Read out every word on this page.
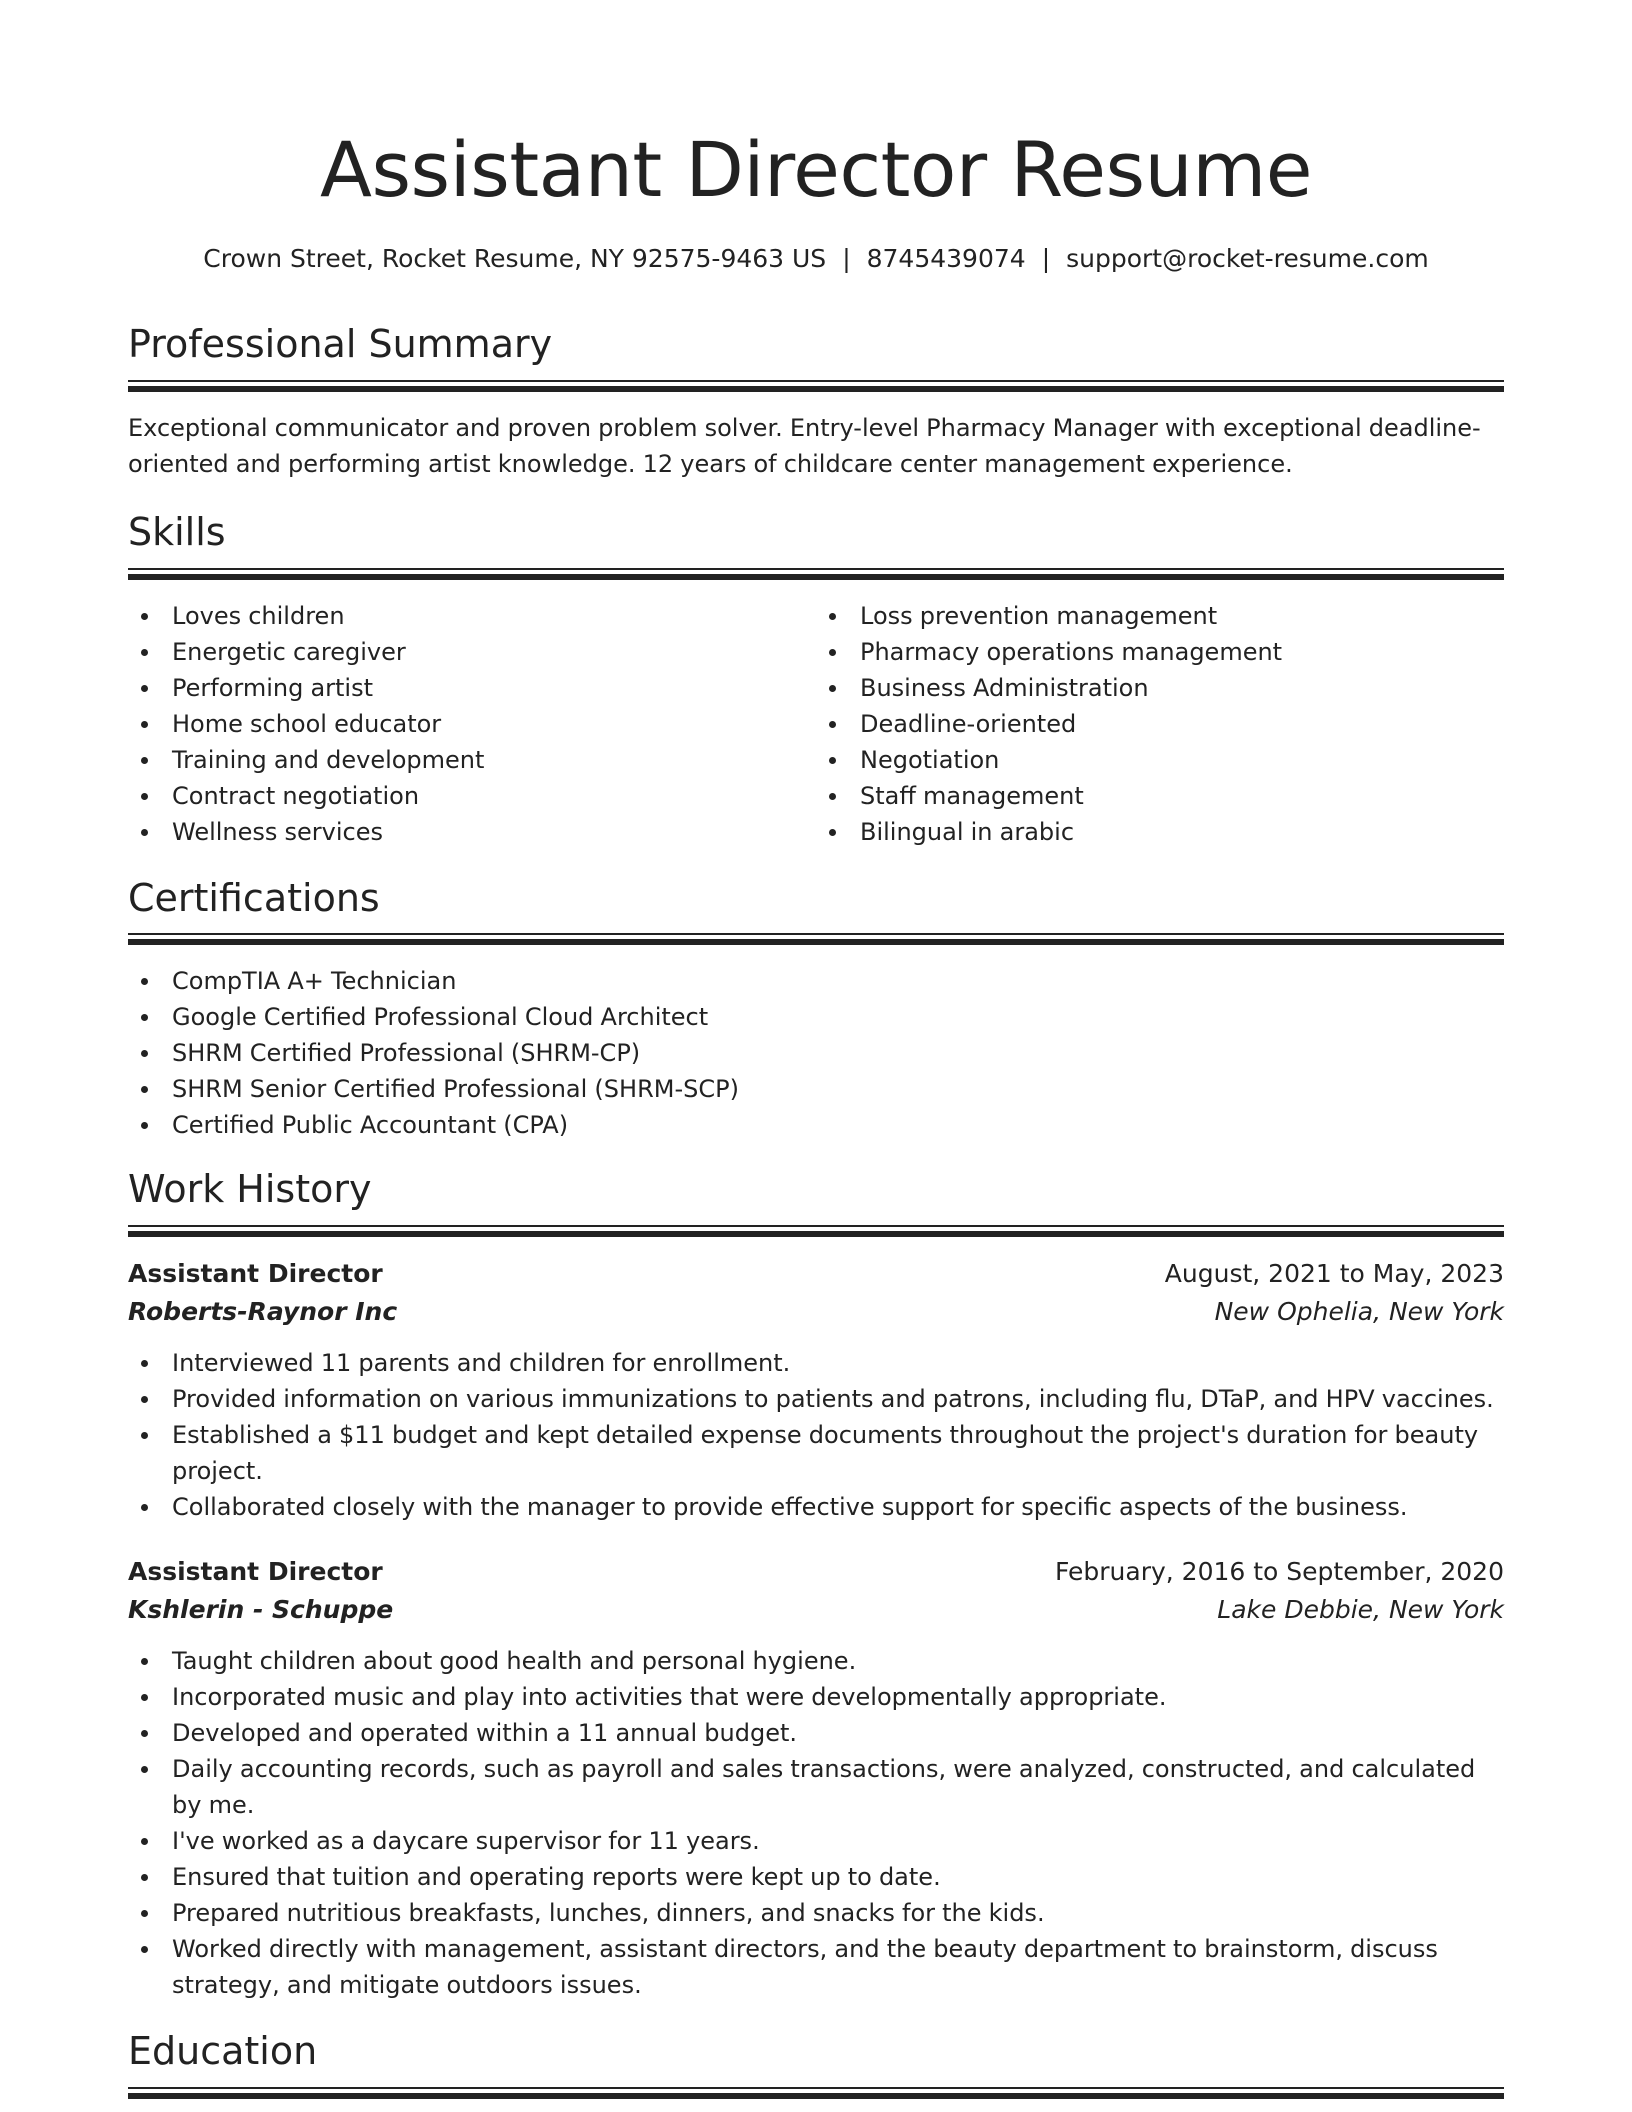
Assistant Director Resume
Crown Street, Rocket Resume, NY 92575-9463 US | 8745439074 | support@rocket-resume.com
Professional Summary

Exceptional communicator and proven problem solver. Entry-level Pharmacy Manager with exceptional deadline-oriented and performing artist knowledge. 12 years of childcare center management experience.

Skills
Loves children
Energetic caregiver
Performing artist
Home school educator
Training and development
Contract negotiation
Wellness services
Loss prevention management
Pharmacy operations management
Business Administration
Deadline-oriented
Negotiation
Staff management
Bilingual in arabic
Certifications
CompTIA A+ Technician
Google Certified Professional Cloud Architect
SHRM Certified Professional (SHRM-CP)
SHRM Senior Certified Professional (SHRM-SCP)
Certified Public Accountant (CPA)
Work History
Assistant Director	August, 2021 to May, 2023
Roberts-Raynor Inc	New Ophelia, New York
Interviewed 11 parents and children for enrollment.
Provided information on various immunizations to patients and patrons, including flu, DTaP, and HPV vaccines.
Established a $11 budget and kept detailed expense documents throughout the project's duration for beauty project.
Collaborated closely with the manager to provide effective support for specific aspects of the business.
Assistant Director	February, 2016 to September, 2020
Kshlerin - Schuppe	Lake Debbie, New York
Taught children about good health and personal hygiene.
Incorporated music and play into activities that were developmentally appropriate.
Developed and operated within a 11 annual budget.
Daily accounting records, such as payroll and sales transactions, were analyzed, constructed, and calculated by me.
I've worked as a daycare supervisor for 11 years.
Ensured that tuition and operating reports were kept up to date.
Prepared nutritious breakfasts, lunches, dinners, and snacks for the kids.
Worked directly with management, assistant directors, and the beauty department to brainstorm, discuss strategy, and mitigate outdoors issues.
Education
